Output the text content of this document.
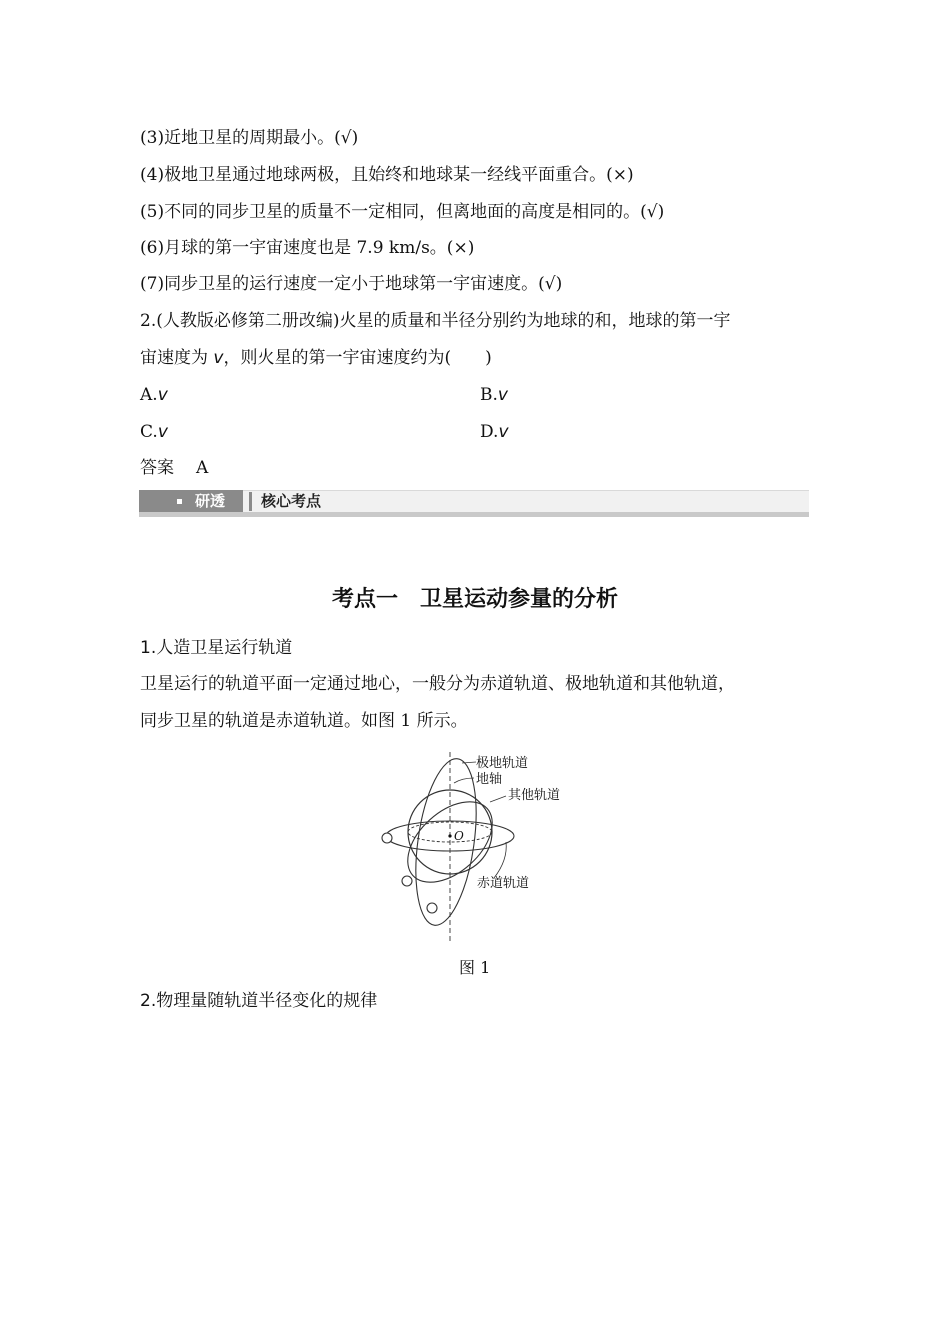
(3)近地卫星的周期最小。(√)
(4)极地卫星通过地球两极，且始终和地球某一经线平面重合。(×)
(5)不同的同步卫星的质量不一定相同，但离地面的高度是相同的。(√)
(6)月球的第一宇宙速度也是 7.9 km/s。(×)
(7)同步卫星的运行速度一定小于地球第一宇宙速度。(√)
2.(人教版必修第二册改编)火星的质量和半径分别约为地球的和，地球的第一宇
宙速度为 v，则火星的第一宇宙速度约为(　　)
A.v	B.v
C.v	D.v
答案 A
研透 核心考点
考点一　卫星运动参量的分析
1.人造卫星运行轨道
卫星运行的轨道平面一定通过地心，一般分为赤道轨道、极地轨道和其他轨道，
同步卫星的轨道是赤道轨道。如图 1 所示。
O
极地轨道
地轴
其他轨道
赤道轨道
图 1
2.物理量随轨道半径变化的规律
